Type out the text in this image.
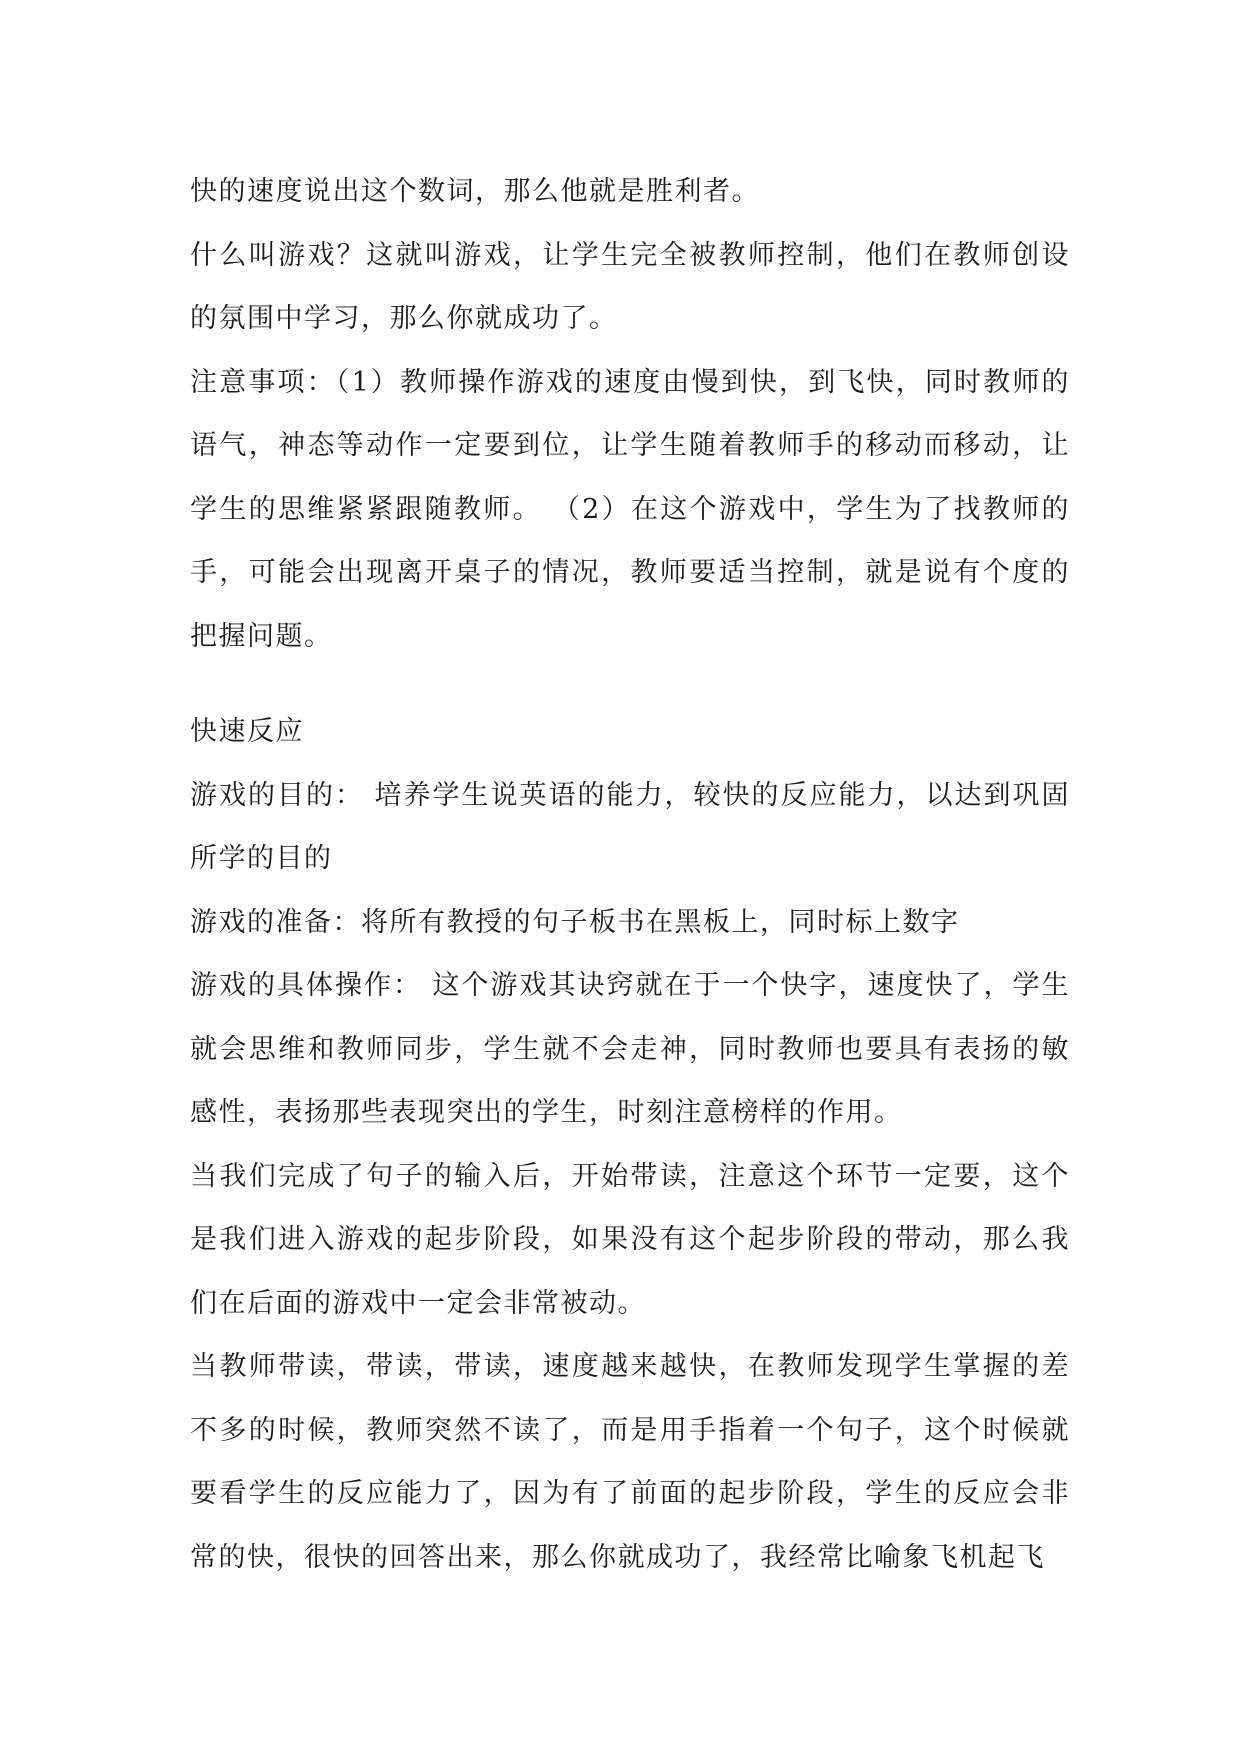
快的速度说出这个数词，那么他就是胜利者。

什么叫游戏？这就叫游戏，让学生完全被教师控制，他们在教师创设的氛围中学习，那么你就成功了。

注意事项：（1）教师操作游戏的速度由慢到快，到飞快，同时教师的语气，神态等动作一定要到位，让学生随着教师手的移动而移动，让学生的思维紧紧跟随教师。 （2）在这个游戏中，学生为了找教师的手，可能会出现离开桌子的情况，教师要适当控制，就是说有个度的把握问题。

快速反应

游戏的目的： 培养学生说英语的能力，较快的反应能力，以达到巩固所学的目的

游戏的准备：将所有教授的句子板书在黑板上，同时标上数字

游戏的具体操作： 这个游戏其诀窍就在于一个快字，速度快了，学生就会思维和教师同步，学生就不会走神，同时教师也要具有表扬的敏感性，表扬那些表现突出的学生，时刻注意榜样的作用。

当我们完成了句子的输入后，开始带读，注意这个环节一定要，这个是我们进入游戏的起步阶段，如果没有这个起步阶段的带动，那么我们在后面的游戏中一定会非常被动。

当教师带读，带读，带读，速度越来越快，在教师发现学生掌握的差不多的时候，教师突然不读了，而是用手指着一个句子，这个时候就要看学生的反应能力了，因为有了前面的起步阶段，学生的反应会非常的快，很快的回答出来，那么你就成功了，我经常比喻象飞机起飞
